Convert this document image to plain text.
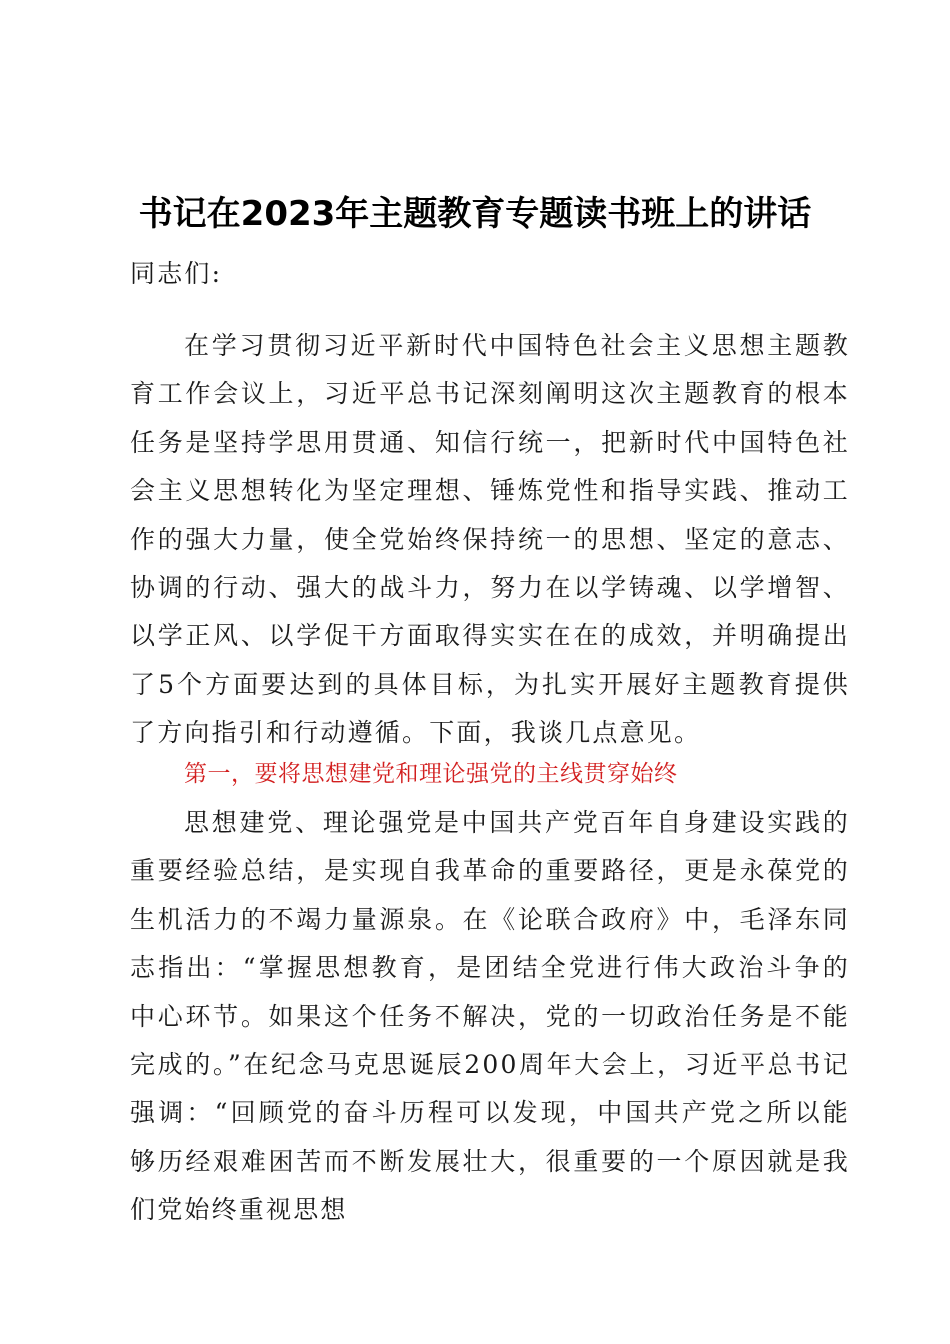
书记在2023年主题教育专题读书班上的讲话
同志们:
在学习贯彻习近平新时代中国特色社会主义思想主题教育工作会议上，习近平总书记深刻阐明这次主题教育的根本任务是坚持学思用贯通、知信行统一，把新时代中国特色社会主义思想转化为坚定理想、锤炼党性和指导实践、推动工作的强大力量，使全党始终保持统一的思想、坚定的意志、协调的行动、强大的战斗力，努力在以学铸魂、以学增智、以学正风、以学促干方面取得实实在在的成效，并明确提出了5个方面要达到的具体目标，为扎实开展好主题教育提供了方向指引和行动遵循。下面，我谈几点意见。
第一，要将思想建党和理论强党的主线贯穿始终
思想建党、理论强党是中国共产党百年自身建设实践的重要经验总结，是实现自我革命的重要路径，更是永葆党的生机活力的不竭力量源泉。在《论联合政府》中，毛泽东同志指出：“掌握思想教育，是团结全党进行伟大政治斗争的中心环节。如果这个任务不解决，党的一切政治任务是不能完成的。”在纪念马克思诞辰200周年大会上，习近平总书记强调：“回顾党的奋斗历程可以发现，中国共产党之所以能够历经艰难困苦而不断发展壮大，很重要的一个原因就是我们党始终重视思想
